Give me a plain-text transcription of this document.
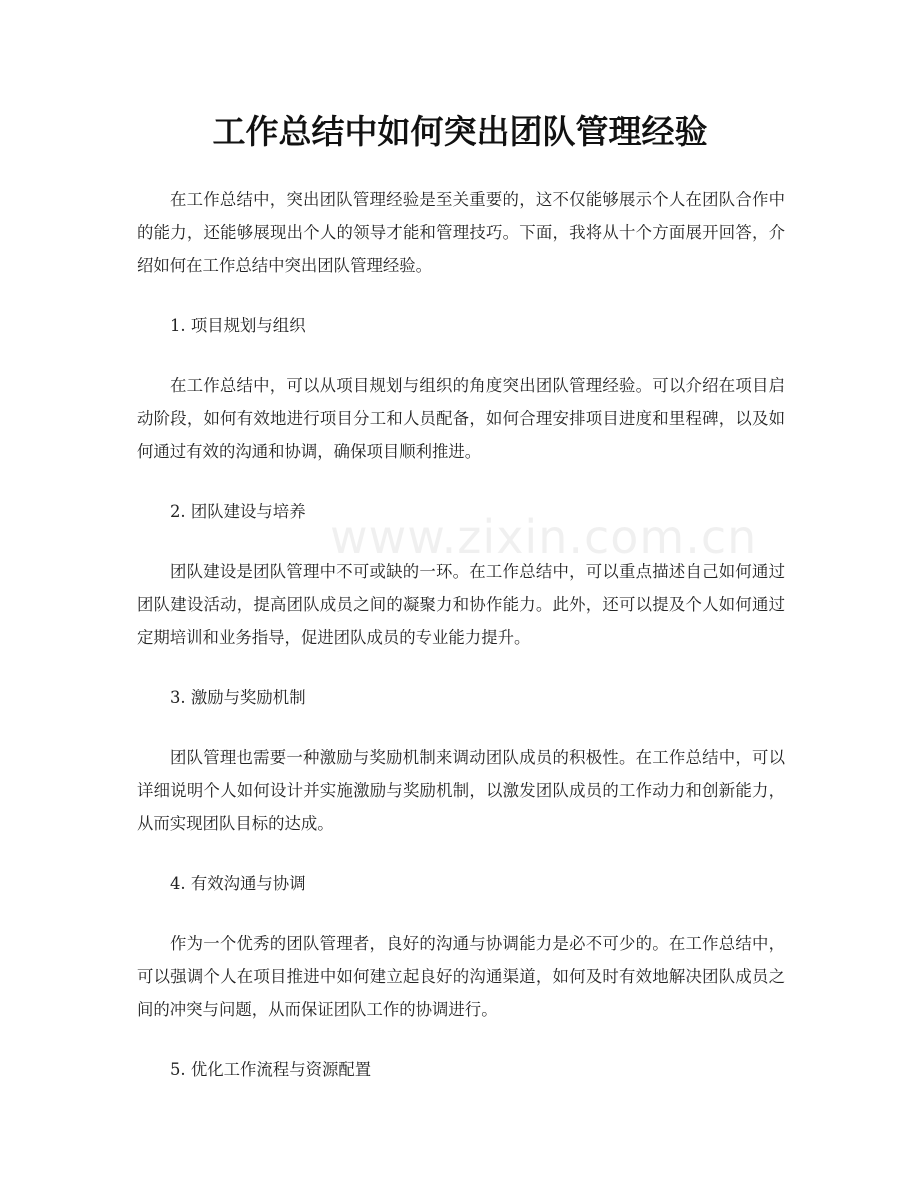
工作总结中如何突出团队管理经验

在工作总结中，突出团队管理经验是至关重要的，这不仅能够展示个人在团队合作中的能力，还能够展现出个人的领导才能和管理技巧。下面，我将从十个方面展开回答，介绍如何在工作总结中突出团队管理经验。

1. 项目规划与组织

在工作总结中，可以从项目规划与组织的角度突出团队管理经验。可以介绍在项目启动阶段，如何有效地进行项目分工和人员配备，如何合理安排项目进度和里程碑，以及如何通过有效的沟通和协调，确保项目顺利推进。

2. 团队建设与培养

团队建设是团队管理中不可或缺的一环。在工作总结中，可以重点描述自己如何通过团队建设活动，提高团队成员之间的凝聚力和协作能力。此外，还可以提及个人如何通过定期培训和业务指导，促进团队成员的专业能力提升。

3. 激励与奖励机制

团队管理也需要一种激励与奖励机制来调动团队成员的积极性。在工作总结中，可以详细说明个人如何设计并实施激励与奖励机制，以激发团队成员的工作动力和创新能力，从而实现团队目标的达成。

4. 有效沟通与协调

作为一个优秀的团队管理者，良好的沟通与协调能力是必不可少的。在工作总结中，可以强调个人在项目推进中如何建立起良好的沟通渠道，如何及时有效地解决团队成员之间的冲突与问题，从而保证团队工作的协调进行。

5. 优化工作流程与资源配置

www.zixin.com.cn
